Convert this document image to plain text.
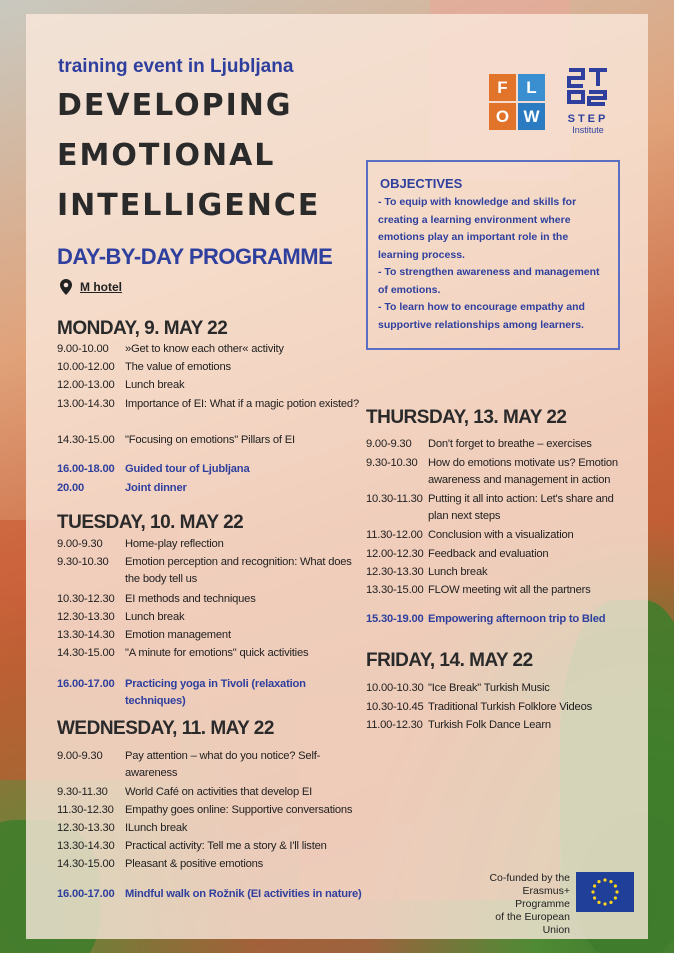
training event in Ljubljana
DEVELOPING
EMOTIONAL
INTELLIGENCE
DAY-BY-DAY PROGRAMME
M hotel
F	L
O W	STEP
Institute
OBJECTIVES
- To equip with knowledge and skills for creating a learning environment where emotions play an important role in the learning process.
- To strengthen awareness and management of emotions.
- To learn how to encourage empathy and supportive relationships among learners.
MONDAY, 9. MAY 22
9.00-10.00	»Get to know each other« activity
10.00-12.00 The value of emotions
12.00-13.00 Lunch break
13.00-14.30 Importance of EI: What if a magic potion existed?
14.30-15.00 "Focusing on emotions" Pillars of EI
16.00-18.00 Guided tour of Ljubljana
20.00	Joint dinner
TUESDAY, 10. MAY 22
9.00-9.30	Home-play reflection
9.30-10.30	Emotion perception and recognition: What does the body tell us
10.30-12.30 EI methods and techniques
12.30-13.30 Lunch break
13.30-14.30 Emotion management
14.30-15.00 "A minute for emotions" quick activities
16.00-17.00 Practicing yoga in Tivoli (relaxation techniques)
WEDNESDAY, 11. MAY 22
9.00-9.30	Pay attention – what do you notice? Self-awareness
9.30-11.30	World Café on activities that develop EI
11.30-12.30	Empathy goes online: Supportive conversations
12.30-13.30 ILunch break
13.30-14.30 Practical activity: Tell me a story & I'll listen
14.30-15.00 Pleasant & positive emotions
16.00-17.00 Mindful walk on Rožnik (EI activities in nature)
THURSDAY, 13. MAY 22
9.00-9.30	Don't forget to breathe – exercises
9.30-10.30 How do emotions motivate us? Emotion awareness and management in action
10.30-11.30 Putting it all into action: Let's share and plan next steps
11.30-12.00 Conclusion with a visualization
12.00-12.30 Feedback and evaluation
12.30-13.30 Lunch break
13.30-15.00 FLOW meeting wit all the partners
15.30-19.00 Empowering afternoon trip to Bled
FRIDAY, 14. MAY 22
10.00-10.30 "Ice Break" Turkish Music
10.30-10.45 Traditional Turkish Folklore Videos
11.00-12.30 Turkish Folk Dance Learn
Co-funded by the
Erasmus+ Programme
of the European Union
